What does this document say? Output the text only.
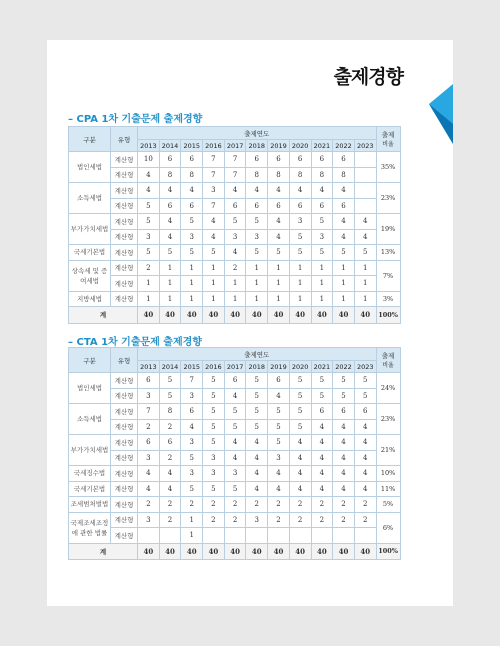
출제경향
– CPA 1차 기출문제 출제경향
구분	유형	출제연도											출제
비율

		2013	2014	2015	2016	2017	2018	2019	2020	2021	2022	2023	
법인세법	계산형	10	6	6	7	7	6	6	6	6	6		35%
	계산형	4	8	8	7	7	8	8	8	8	8		
소득세법	계산형	4	4	4	3	4	4	4	4	4	4		23%
	계산형	5	6	6	7	6	6	6	6	6	6		
부가가치세법	계산형	5	4	5	4	5	5	4	3	5	4	4	19%
	계산형	3	4	3	4	3	3	4	5	3	4	4	
국세기본법	계산형	5	5	5	5	4	5	5	5	5	5	5	13%
상속세 및 증여세법	계산형	2	1	1	1	2	1	1	1	1	1	1	7%
	계산형	1	1	1	1	1	1	1	1	1	1	1	
지방세법	계산형	1	1	1	1	1	1	1	1	1	1	1	3%
계		40	40	40	40	40	40	40	40	40	40	40	100%
– CTA 1차 기출문제 출제경향
구분	유형	출제연도											출제
비율

		2013	2014	2015	2016	2017	2018	2019	2020	2021	2022	2023	
법인세법	계산형	6	5	7	5	6	5	6	5	5	5	5	24%
	계산형	3	5	3	5	4	5	4	5	5	5	5	
소득세법	계산형	7	8	6	5	5	5	5	5	6	6	6	23%
	계산형	2	2	4	5	5	5	5	5	4	4	4	
부가가치세법	계산형	6	6	3	5	4	4	5	4	4	4	4	21%
	계산형	3	2	5	3	4	4	3	4	4	4	4	
국세징수법	계산형	4	4	3	3	3	4	4	4	4	4	4	10%
국세기본법	계산형	4	4	5	5	5	4	4	4	4	4	4	11%
조세범처벌법	계산형	2	2	2	2	2	2	2	2	2	2	2	5%
국제조세조정에 관한 법률	계산형	3	2	1	2	2	3	2	2	2	2	2	6%
	계산형			1									
계		40	40	40	40	40	40	40	40	40	40	40	100%
